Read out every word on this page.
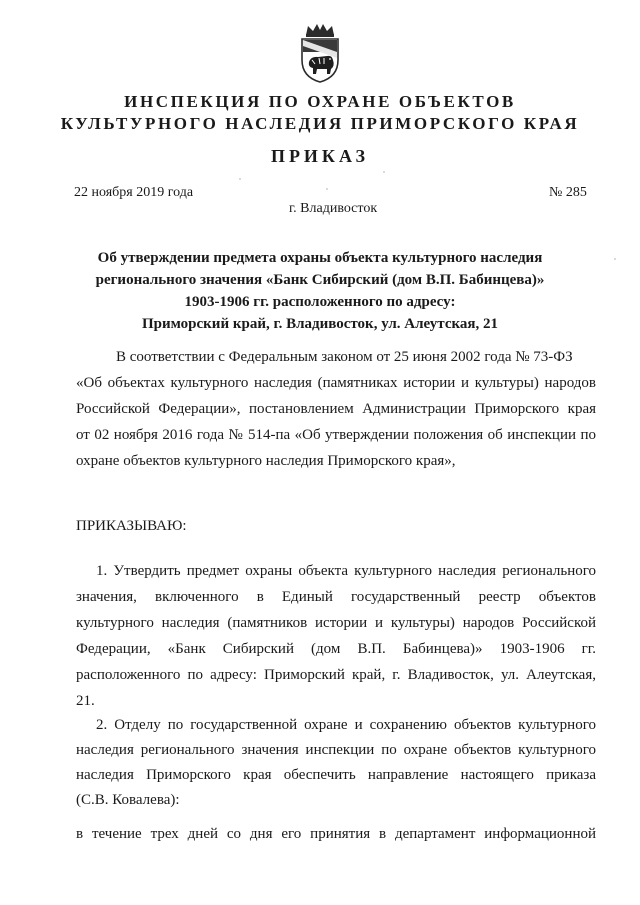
ИНСПЕКЦИЯ ПО ОХРАНЕ ОБЪЕКТОВ
КУЛЬТУРНОГО НАСЛЕДИЯ ПРИМОРСКОГО КРАЯ
ПРИКАЗ
22 ноября 2019 года	№ 285
г. Владивосток
Об утверждении предмета охраны объекта культурного наследия
регионального значения «Банк Сибирский (дом В.П. Бабинцева)»
1903-1906 гг. расположенного по адресу:
Приморский край, г. Владивосток, ул. Алеутская, 21
В соответствии с Федеральным законом от 25 июня 2002 года № 73-ФЗ
«Об объектах культурного наследия (памятниках истории и культуры) народов
Российской Федерации», постановлением Администрации Приморского края
от 02 ноября 2016 года № 514-па «Об утверждении положения об инспекции по
охране объектов культурного наследия Приморского края»,
ПРИКАЗЫВАЮ:
1. Утвердить предмет охраны объекта культурного наследия регионального
значения, включенного в Единый государственный реестр объектов
культурного наследия (памятников истории и культуры) народов Российской
Федерации, «Банк Сибирский (дом В.П. Бабинцева)» 1903-1906 гг.
расположенного по адресу: Приморский край, г. Владивосток, ул. Алеутская,
21.
2. Отделу по государственной охране и сохранению объектов культурного
наследия регионального значения инспекции по охране объектов культурного
наследия Приморского края обеспечить направление настоящего приказа
(С.В. Ковалева):
в течение трех дней со дня его принятия в департамент информационной
